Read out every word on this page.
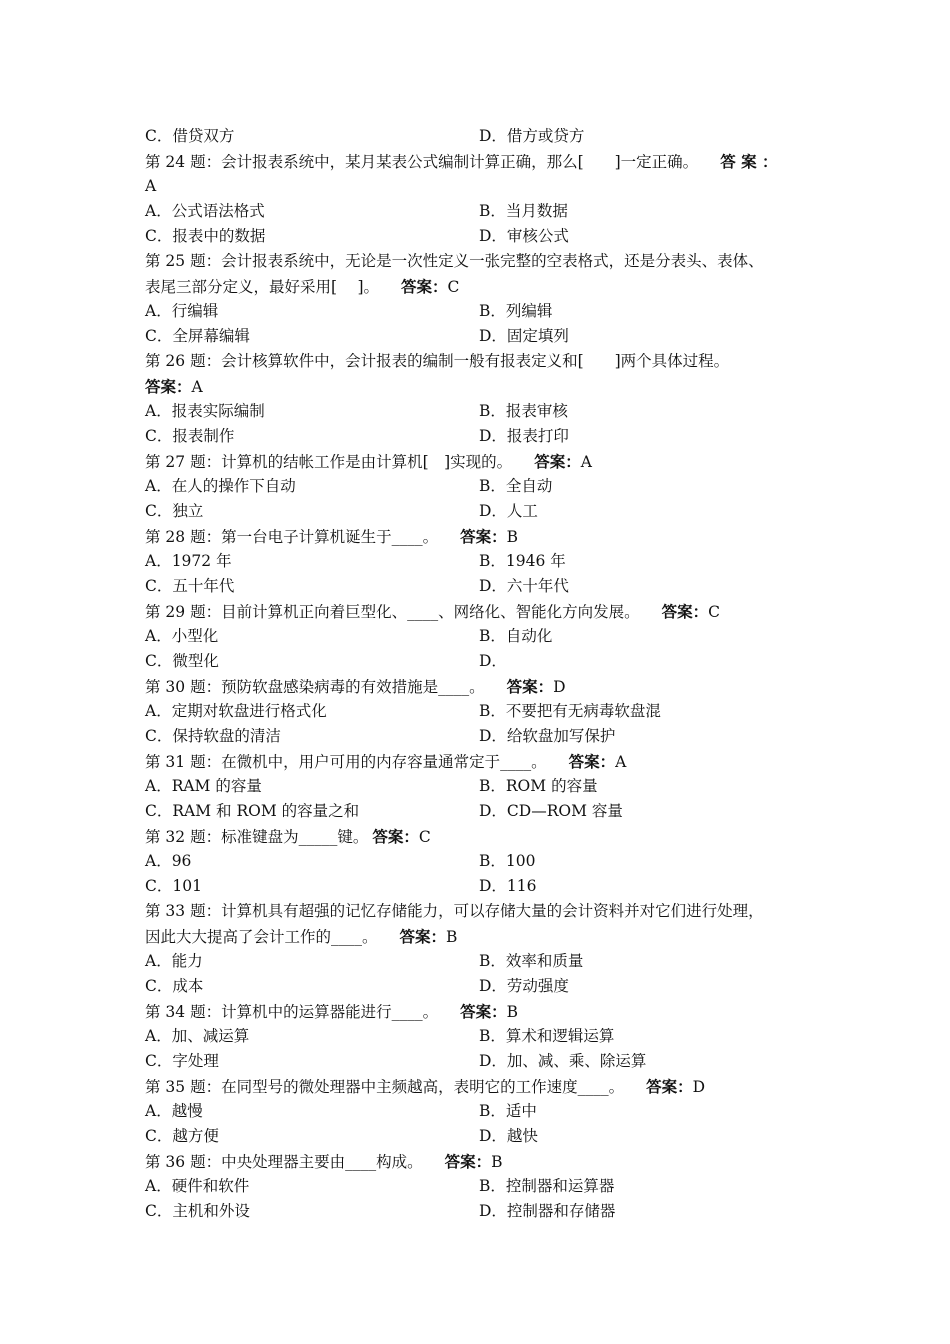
C．借贷双方	D．借方或贷方
第 24 题：会计报表系统中，某月某表公式编制计算正确，那么[　　]一定正确。 答 案 ：
A
A．公式语法格式	B．当月数据
C．报表中的数据	D．审核公式
第 25 题：会计报表系统中，无论是一次性定义一张完整的空表格式，还是分表头、表体、
表尾三部分定义，最好采用[　 ]。 答案：C
A．行编辑	B．列编辑
C．全屏幕编辑	D．固定填列
第 26 题：会计核算软件中，会计报表的编制一般有报表定义和[　　]两个具体过程。
答案：A
A．报表实际编制	B．报表审核
C．报表制作	D．报表打印
第 27 题：计算机的结帐工作是由计算机[　]实现的。 答案：A
A．在人的操作下自动	B．全自动
C．独立	D．人工
第 28 题：第一台电子计算机诞生于____。 答案：B
A．1972 年	B．1946 年
C．五十年代	D．六十年代
第 29 题：目前计算机正向着巨型化、____、网络化、智能化方向发展。 答案：C
A．小型化	B．自动化
C．微型化	D．
第 30 题：预防软盘感染病毒的有效措施是____。 答案：D
A．定期对软盘进行格式化	B．不要把有无病毒软盘混
C．保持软盘的清洁	D．给软盘加写保护
第 31 题：在微机中，用户可用的内存容量通常定于____。 答案：A
A．RAM 的容量	B．ROM 的容量
C．RAM 和 ROM 的容量之和	D．CD—ROM 容量
第 32 题：标准键盘为_____键。 答案：C
A．96	B．100
C．101	D．116
第 33 题：计算机具有超强的记忆存储能力，可以存储大量的会计资料并对它们进行处理，
因此大大提高了会计工作的____。 答案：B
A．能力	B．效率和质量
C．成本	D．劳动强度
第 34 题：计算机中的运算器能进行____。 答案：B
A．加、减运算	B．算术和逻辑运算
C．字处理	D．加、减、乘、除运算
第 35 题：在同型号的微处理器中主频越高，表明它的工作速度____。 答案：D
A．越慢	B．适中
C．越方便	D．越快
第 36 题：中央处理器主要由____构成。 答案：B
A．硬件和软件	B．控制器和运算器
C．主机和外设	D．控制器和存储器
